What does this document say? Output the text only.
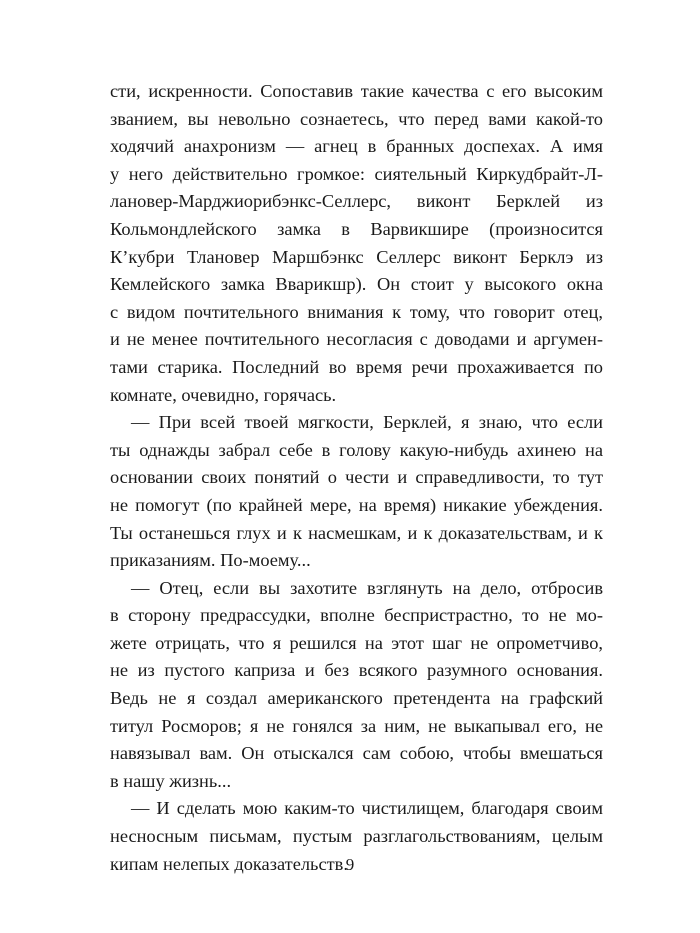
сти, искренности. Сопоставив такие качества с его высоким
званием, вы невольно сознаетесь, что перед вами какой-то
ходячий анахронизм — агнец в бранных доспехах. А имя
у него действительно громкое: сиятельный Киркудбрайт-Л-
лановер-Марджиорибэнкс-Селлерс, виконт Берклей из
Кольмондлейского замка в Варвикшире (произносится
К’кубри Тлановер Маршбэнкс Селлерс виконт Берклэ из
Кемлейского замка Вварикшр). Он стоит у высокого окна
с видом почтительного внимания к тому, что говорит отец,
и не менее почтительного несогласия с доводами и аргумен-
тами старика. Последний во время речи прохаживается по
комнате, очевидно, горячась.
— При всей твоей мягкости, Берклей, я знаю, что если
ты однажды забрал себе в голову какую-нибудь ахинею на
основании своих понятий о чести и справедливости, то тут
не помогут (по крайней мере, на время) никакие убеждения.
Ты останешься глух и к насмешкам, и к доказательствам, и к
приказаниям. По-моему...
— Отец, если вы захотите взглянуть на дело, отбросив
в сторону предрассудки, вполне беспристрастно, то не мо-
жете отрицать, что я решился на этот шаг не опрометчиво,
не из пустого каприза и без всякого разумного основания.
Ведь не я создал американского претендента на графский
титул Росморов; я не гонялся за ним, не выкапывал его, не
навязывал вам. Он отыскался сам собою, чтобы вмешаться
в нашу жизнь...
— И сделать мою каким-то чистилищем, благодаря своим
несносным письмам, пустым разглагольствованиям, целым
кипам нелепых доказательств.
9
